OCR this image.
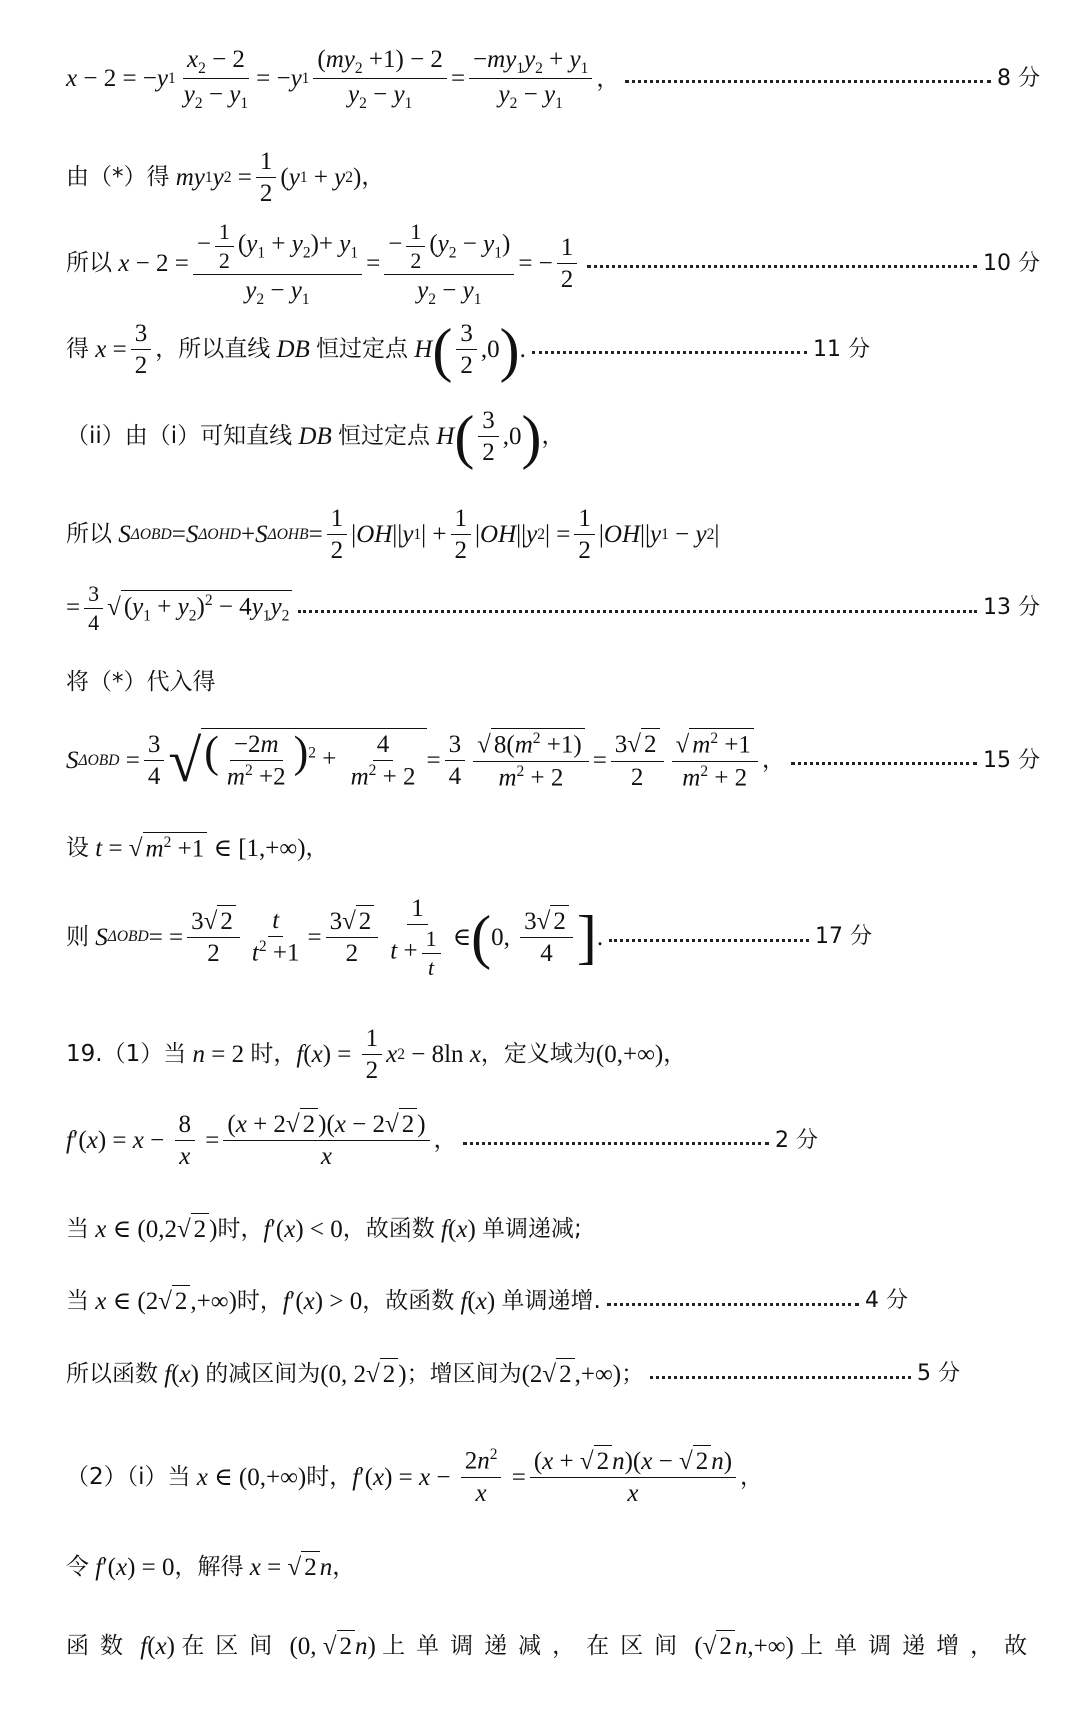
x − 2 = − y $1 \frac{x_2 - 2}{y_2 - y_1}$ = − y $1 \frac{(my_2 +1) - 2}{y_2 - y_1} = \frac{-my_1y_2 + y_1}{y_2 - y_1}$ ，	8 分
由（*）得
my 1 y $2 = \frac{1}{2}$ ( y 1 + y 2 ) ，
所以
$x - 2 = \frac{- \frac{1}{2} (y_1 + y_2)+ y_1}{y_2 - y_1} = \frac{- \frac{1}{2} (y_2 - y_1)}{y_2 - y_1}$ = − $\frac{1}{2}$	10 分
得
$x = \frac{3}{2}$ ，所以直线
DB
恒过定点
H ( $\frac{3}{2} ,0$ ) .	11 分
（ii）由（i）可知直线
DB
恒过定点
H ( $\frac{3}{2} ,0$ ) ，
所以
S ΔOBD = S ΔOHD + S $\Delta OHB = \frac{1}{2}$ | OH || y 1 | + $\frac{1}{2}$ | OH || y 2 | = $\frac{1}{2}$ | OH || y 1 − y 2 |
= $\frac{3}{4}$ √ $(y_1 + y_2)^2 - 4y_1y_2$	13 分
将（*）代入得
S $\Delta OBD = \frac{3}{4}$ √ ( $\frac{-2m}{m^2 +2} )^2 + \frac{4}{m^2 + 2} = \frac{3}{4} \frac{√ 8(m^2 +1)}{m^2 + 2} = \frac{3√ 2}{2} \frac{√ m^2 +1}{m^2 + 2}$ ，	15 分
设
t = √ $m^2 +1$ ∈ [1,+∞) ，
则
S ΔOBD = = $\frac{3√ 2}{2} \frac{t}{t^2 +1} = \frac{3√ 2}{2} \frac{1}{t + \frac{1}{t}}$ ∈ ( 0, $\frac{3√ 2}{4}$ ] .	17 分
19.（1）当
n = 2 时， f ( x ) = $\frac{1}{2}$ x 2 − 8ln x ，定义域为 (0,+∞) ，
f ′( x ) = $x - \frac{8}{x} = \frac{(x + 2√ 2 )(x - 2√ 2 )}{x}$ ，	2 分
当
x ∈ (0,2√ 2 ) 时， f ′( x ) < 0 ，故函数
f ( x ) 单调递减;
当
x ∈ (2√ 2 ,+∞) 时， f ′( x ) > 0 ，故函数
f ( x ) 单调递增.	4 分
所以函数
f ( x ) 的减区间为 (0, 2√ 2 ) ；增区间为 (2√ 2 ,+∞) ；	5 分
（2）（i）当
x ∈ (0,+∞) 时， f ′( x ) = $x - \frac{2n^2}{x} = \frac{(x + √ 2 n)(x - √ 2 n)}{x}$ ，
令
f ′( x ) = 0 ，解得
x = √ 2 n ，
函数
f ( x ) 在区间 (0, √ 2 n ) 上单调递减，在区间 (√ 2 n ,+∞) 上单调递增，故
